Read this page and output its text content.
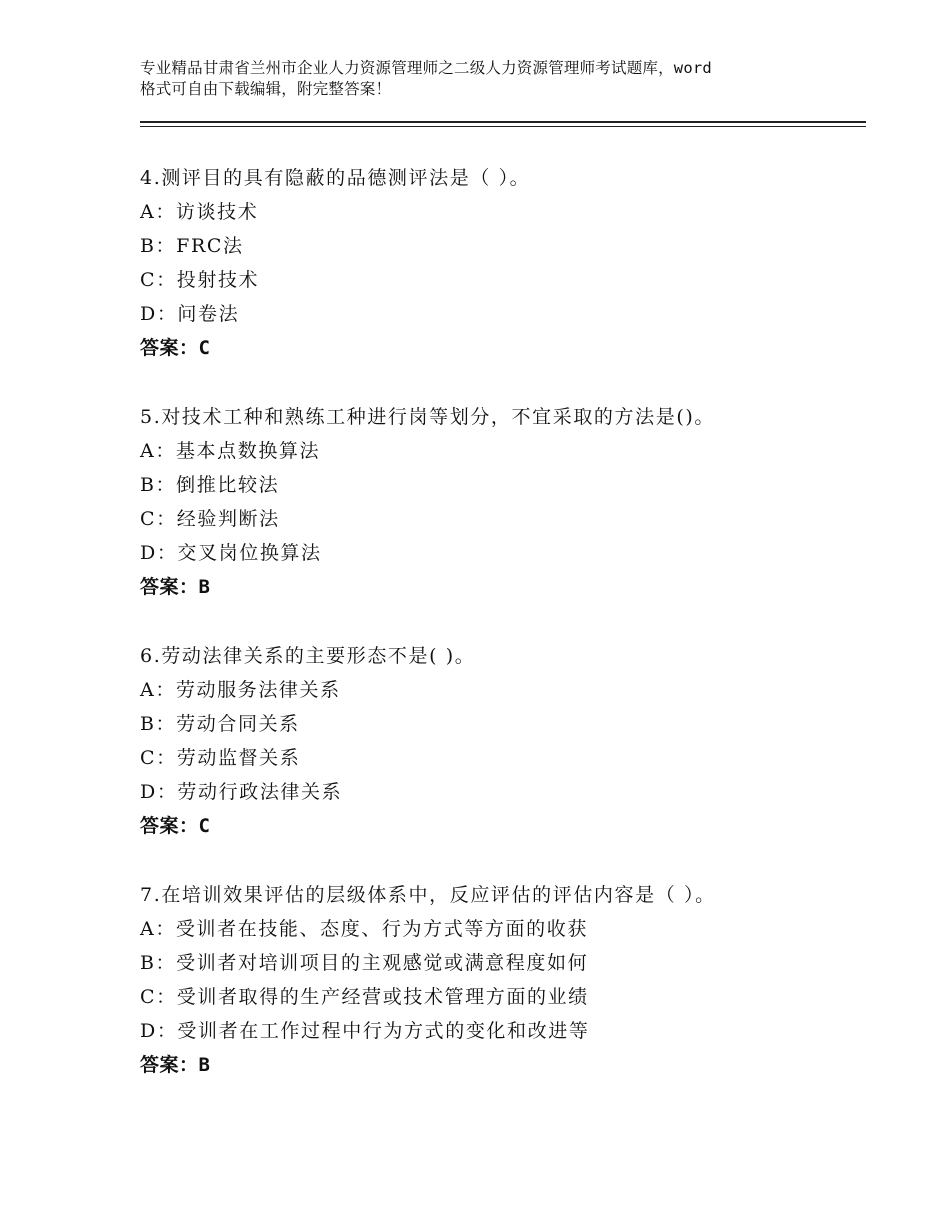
专业精品甘肃省兰州市企业人力资源管理师之二级人力资源管理师考试题库，word
格式可自由下载编辑，附完整答案！
4.测评目的具有隐蔽的品德测评法是（ ）。
A：访谈技术
B：FRC法
C：投射技术
D：问卷法
答案：C
5.对技术工种和熟练工种进行岗等划分，不宜采取的方法是()。
A：基本点数换算法
B：倒推比较法
C：经验判断法
D：交叉岗位换算法
答案：B
6.劳动法律关系的主要形态不是( )。
A：劳动服务法律关系
B：劳动合同关系
C：劳动监督关系
D：劳动行政法律关系
答案：C
7.在培训效果评估的层级体系中，反应评估的评估内容是（ ）。
A：受训者在技能、态度、行为方式等方面的收获
B：受训者对培训项目的主观感觉或满意程度如何
C：受训者取得的生产经营或技术管理方面的业绩
D：受训者在工作过程中行为方式的变化和改进等
答案：B
